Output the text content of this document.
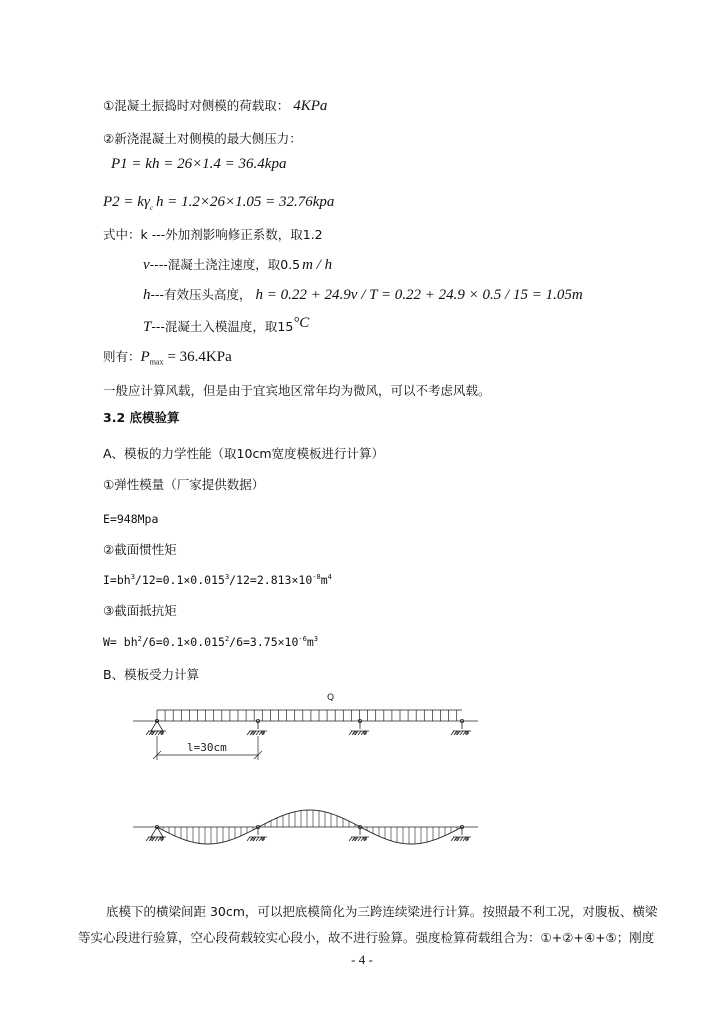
①混凝土振捣时对侧模的荷载取： 4KPa
②新浇混凝土对侧模的最大侧压力：
P1 = kh = 26×1.4 = 36.4kpa
$P2 = k\gamma_c$ h = 1.2×26×1.05 = 32.76kpa
式中：k ---外加剂影响修正系数，取1.2
v----混凝土浇注速度，取0.5 m / h
h---有效压头高度， h = 0.22 + 24.9v / T = 0.22 + 24.9 × 0.5 / 15 = 1.05m
T---混凝土入模温度，取15°C
则有：$P_{max} = 36.4KPa$
一般应计算风载，但是由于宜宾地区常年均为微风，可以不考虑风载。
3.2 底模验算
A、模板的力学性能（取10cm宽度模板进行计算）
①弹性模量（厂家提供数据）
E=948Mpa
②截面惯性矩
$I=bh^3/12=0.1\times 0.015^3/12=2.813\times 10^{-8}m^4$
③截面抵抗矩
$W= bh^2/6=0.1\times 0.015^2/6=3.75\times 10^{-6}m^3$
B、模板受力计算
Q
l=30cm
底模下的横梁间距 30cm，可以把底模简化为三跨连续梁进行计算。按照最不利工况，对腹板、横梁
等实心段进行验算，空心段荷载较实心段小，故不进行验算。强度检算荷载组合为：①+②+④+⑤；刚度
- 4 -
